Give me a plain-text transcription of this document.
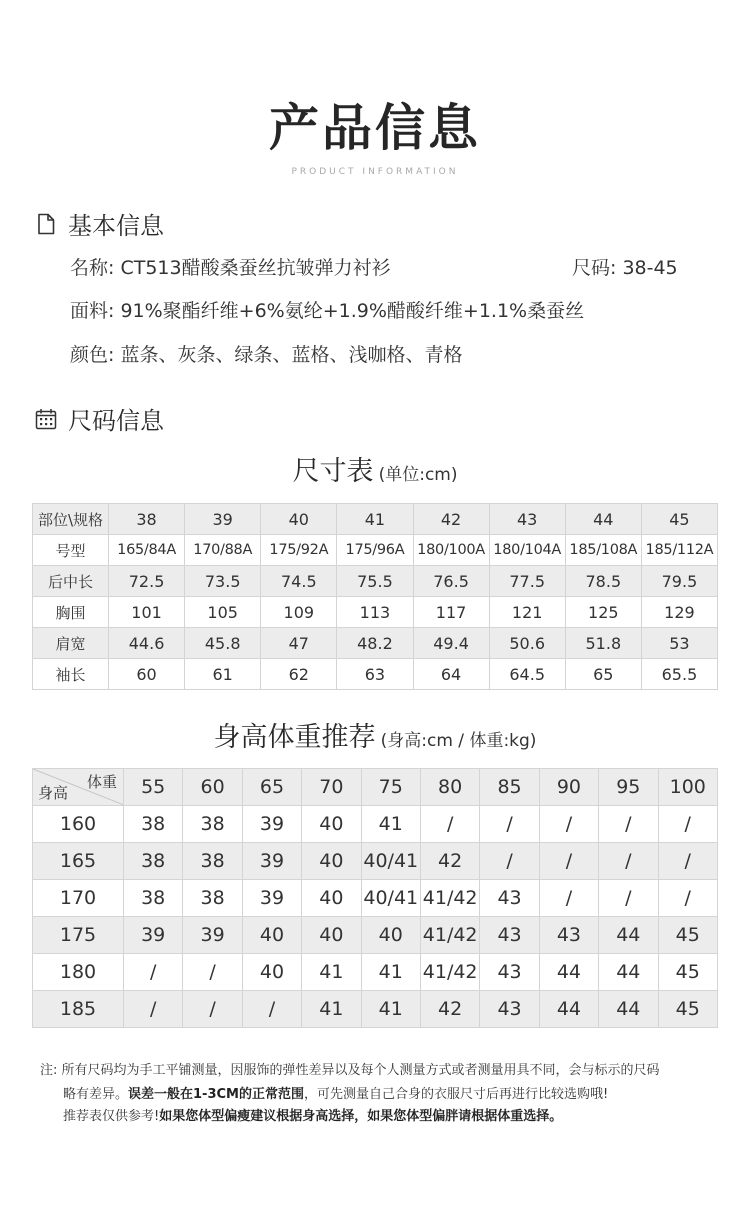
产品信息
PRODUCT INFORMATION
基本信息
名称: CT513醋酸桑蚕丝抗皱弹力衬衫	尺码: 38-45
面料: 91%聚酯纤维+6%氨纶+1.9%醋酸纤维+1.1%桑蚕丝
颜色: 蓝条、灰条、绿条、蓝格、浅咖格、青格
尺码信息
尺寸表 (单位:cm)
部位\规格	38	39	40	41	42	43	44	45
号型	165/84A	170/88A	175/92A	175/96A	180/100A	180/104A	185/108A	185/112A
后中长	72.5	73.5	74.5	75.5	76.5	77.5	78.5	79.5
胸围	101	105	109	113	117	121	125	129
肩宽	44.6	45.8	47	48.2	49.4	50.6	51.8	53
袖长	60	61	62	63	64	64.5	65	65.5
身高体重推荐 (身高:cm / 体重:kg)
体重
身高	55	60	65	70	75	80	85	90	95	100
160	38	38	39	40	41	/	/	/	/	/
165	38	38	39	40	40/41	42	/	/	/	/
170	38	38	39	40	40/41	41/42	43	/	/	/
175	39	39	40	40	40	41/42	43	43	44	45
180	/	/	40	41	41	41/42	43	44	44	45
185	/	/	/	41	41	42	43	44	44	45
注: 所有尺码均为手工平铺测量，因服饰的弹性差异以及每个人测量方式或者测量用具不同，会与标示的尺码
略有差异。误差一般在1-3CM的正常范围，可先测量自己合身的衣服尺寸后再进行比较选购哦!
推荐表仅供参考!如果您体型偏瘦建议根据身高选择，如果您体型偏胖请根据体重选择。
